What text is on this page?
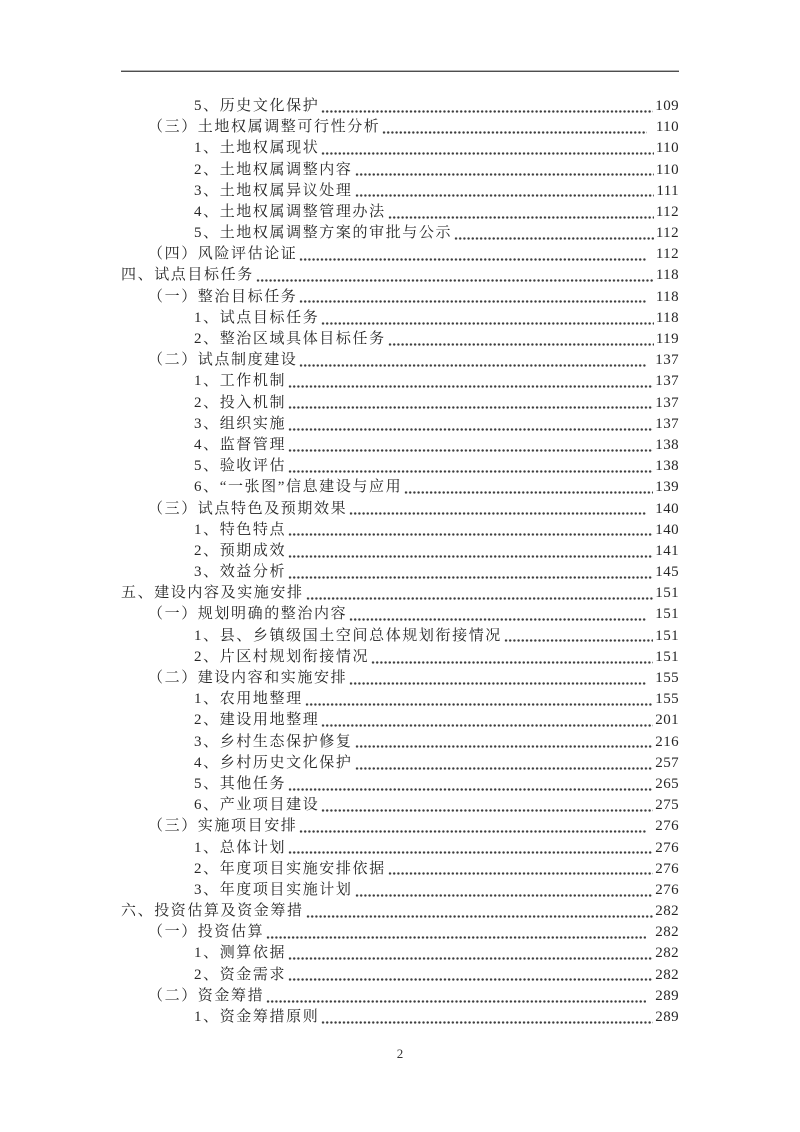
5、历史文化保护	109
（三）土地权属调整可行性分析	110
1、土地权属现状	110
2、土地权属调整内容	110
3、土地权属异议处理	111
4、土地权属调整管理办法	112
5、土地权属调整方案的审批与公示	112
（四）风险评估论证	112
四、试点目标任务	118
（一）整治目标任务	118
1、试点目标任务	118
2、整治区域具体目标任务	119
（二）试点制度建设	137
1、工作机制	137
2、投入机制	137
3、组织实施	137
4、监督管理	138
5、验收评估	138
6、“一张图”信息建设与应用	139
（三）试点特色及预期效果	140
1、特色特点	140
2、预期成效	141
3、效益分析	145
五、建设内容及实施安排	151
（一）规划明确的整治内容	151
1、县、乡镇级国土空间总体规划衔接情况	151
2、片区村规划衔接情况	151
（二）建设内容和实施安排	155
1、农用地整理	155
2、建设用地整理	201
3、乡村生态保护修复	216
4、乡村历史文化保护	257
5、其他任务	265
6、产业项目建设	275
（三）实施项目安排	276
1、总体计划	276
2、年度项目实施安排依据	276
3、年度项目实施计划	276
六、投资估算及资金筹措	282
（一）投资估算	282
1、测算依据	282
2、资金需求	282
（二）资金筹措	289
1、资金筹措原则	289
2
